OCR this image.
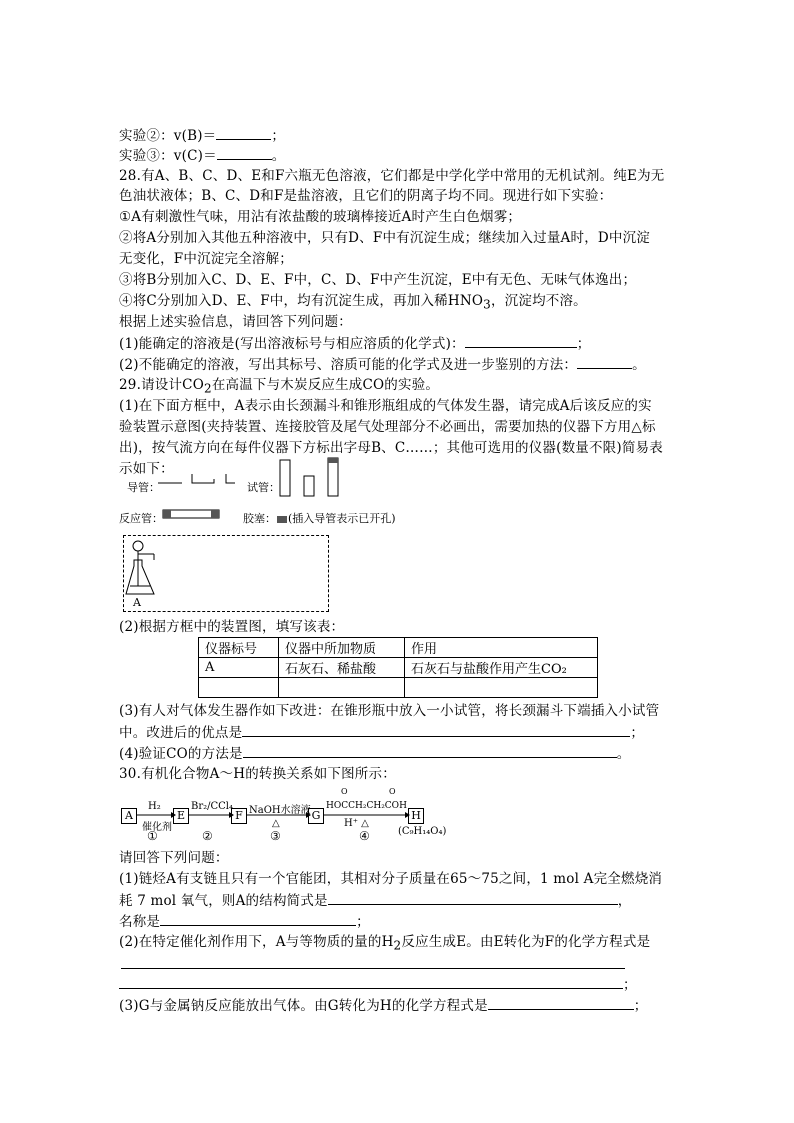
实验②：v(B)＝	；
实验③：v(C)＝	。
28.有A、B、C、D、E和F六瓶无色溶液，它们都是中学化学中常用的无机试剂。纯E为无
色油状液体；B、C、D和F是盐溶液，且它们的阴离子均不同。现进行如下实验：
①A有刺激性气味，用沾有浓盐酸的玻璃棒接近A时产生白色烟雾；
②将A分别加入其他五种溶液中，只有D、F中有沉淀生成；继续加入过量A时，D中沉淀
无变化，F中沉淀完全溶解；
③将B分别加入C、D、E、F中，C、D、F中产生沉淀，E中有无色、无味气体逸出；
④将C分别加入D、E、F中，均有沉淀生成，再加入稀$HNO_3$，沉淀均不溶。
根据上述实验信息，请回答下列问题：
(1)能确定的溶液是(写出溶液标号与相应溶质的化学式)：	；
(2)不能确定的溶液，写出其标号、溶质可能的化学式及进一步鉴别的方法：	。
29.请设计$CO_2$在高温下与木炭反应生成CO的实验。
(1)在下面方框中，A表示由长颈漏斗和锥形瓶组成的气体发生器，请完成A后该反应的实
验装置示意图(夹持装置、连接胶管及尾气处理部分不必画出，需要加热的仪器下方用△标
出)，按气流方向在每件仪器下方标出字母B、C……；其他可选用的仪器(数量不限)简易表
示如下：
导管：	试管：
反应管：	胶塞： (插入导管表示已开孔)
A
(2)根据方框中的装置图，填写该表：
仪器标号	仪器中所加物质	作用
A	石灰石、稀盐酸	石灰石与盐酸作用产生CO₂

(3)有人对气体发生器作如下改进：在锥形瓶中放入一小试管，将长颈漏斗下端插入小试管
中。改进后的优点是	；
(4)验证CO的方法是	。
30.有机化合物A～H的转换关系如下图所示：
A	E	F	G	H
H₂
催化剂
①
Br₂/CCl₄
②
NaOH水溶液
△
③
O	O
HOCCH₂CH₂COH
H⁺ △
④	(C₉H₁₄O₄)
请回答下列问题：
(1)链烃A有支链且只有一个官能团，其相对分子质量在65～75之间，1 mol A完全燃烧消
耗 7 mol 氧气，则A的结构简式是	，
名称是	；
(2)在特定催化剂作用下，A与等物质的量的$H_2$反应生成E。由E转化为F的化学方程式是
；
(3)G与金属钠反应能放出气体。由G转化为H的化学方程式是	；
